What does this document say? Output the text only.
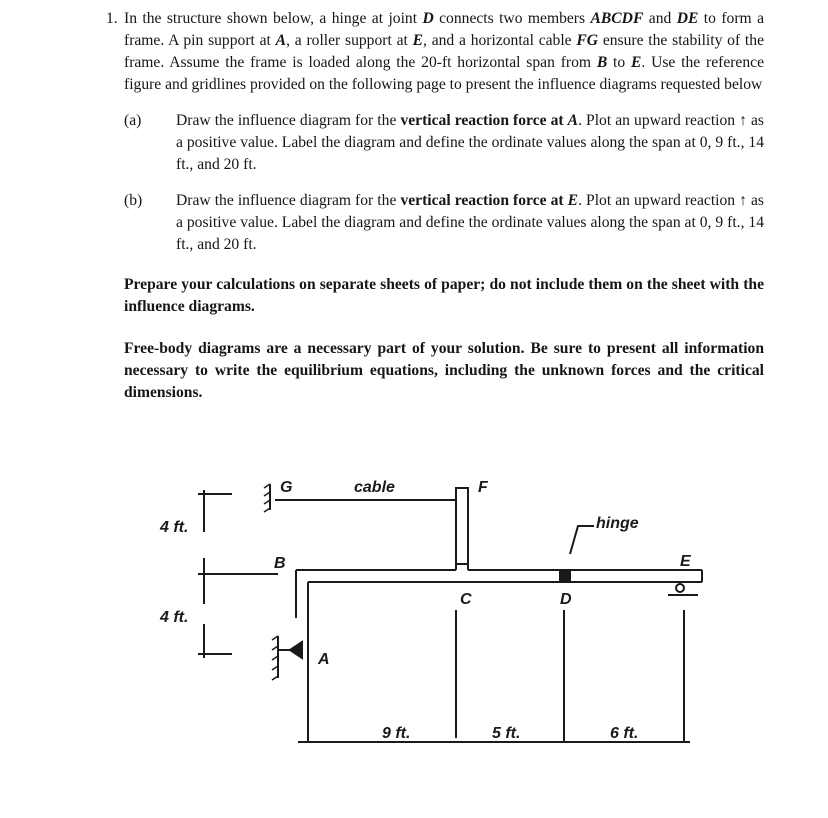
1. In the structure shown below, a hinge at joint D connects two members ABCDF and DE to form a frame. A pin support at A, a roller support at E, and a horizontal cable FG ensure the stability of the frame. Assume the frame is loaded along the 20-ft horizontal span from B to E. Use the reference figure and gridlines provided on the following page to present the influence diagrams requested below
(a)	Draw the influence diagram for the vertical reaction force at A. Plot an upward reaction ↑ as a positive value. Label the diagram and define the ordinate values along the span at 0, 9 ft., 14 ft., and 20 ft.
(b)	Draw the influence diagram for the vertical reaction force at E. Plot an upward reaction ↑ as a positive value. Label the diagram and define the ordinate values along the span at 0, 9 ft., 14 ft., and 20 ft.
Prepare your calculations on separate sheets of paper; do not include them on the sheet with the influence diagrams.
Free-body diagrams are a necessary part of your solution. Be sure to present all information necessary to write the equilibrium equations, including the unknown forces and the critical dimensions.
G	cable	F
hinge
B
C	D
E
A
4 ft.
4 ft.
9 ft.	5 ft.	6 ft.
